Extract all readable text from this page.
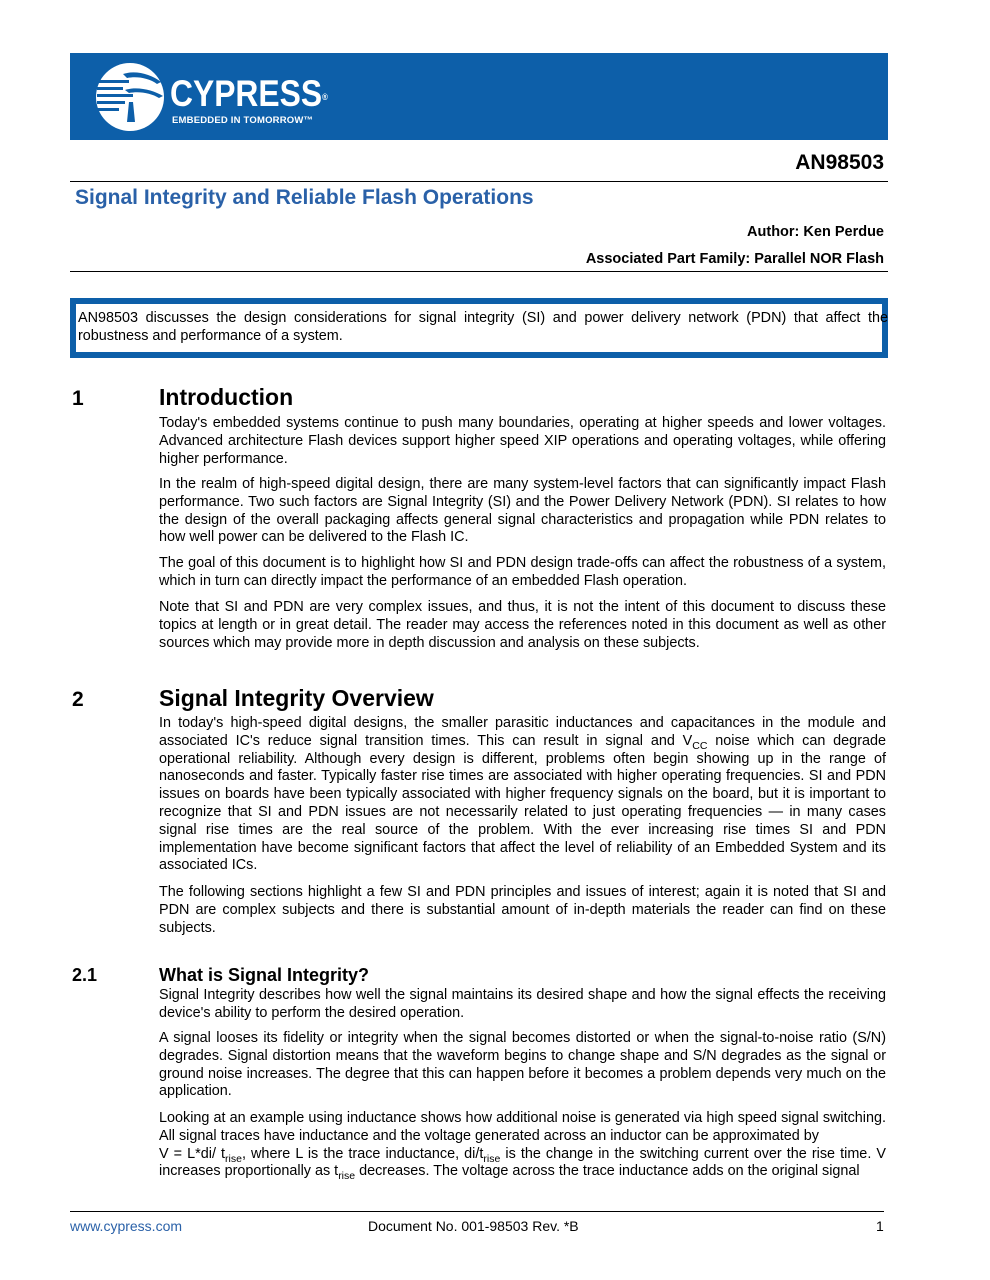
CYPRESS®
EMBEDDED IN TOMORROW™
AN98503
Signal Integrity and Reliable Flash Operations
Author: Ken Perdue
Associated Part Family: Parallel NOR Flash

AN98503 discusses the design considerations for signal integrity (SI) and power delivery network (PDN) that affect the robustness and performance of a system.

1	Introduction

Today's embedded systems continue to push many boundaries, operating at higher speeds and lower voltages. Advanced architecture Flash devices support higher speed XIP operations and operating voltages, while offering higher performance.

In the realm of high-speed digital design, there are many system-level factors that can significantly impact Flash performance. Two such factors are Signal Integrity (SI) and the Power Delivery Network (PDN). SI relates to how the design of the overall packaging affects general signal characteristics and propagation while PDN relates to how well power can be delivered to the Flash IC.

The goal of this document is to highlight how SI and PDN design trade-offs can affect the robustness of a system, which in turn can directly impact the performance of an embedded Flash operation.

Note that SI and PDN are very complex issues, and thus, it is not the intent of this document to discuss these topics at length or in great detail. The reader may access the references noted in this document as well as other sources which may provide more in depth discussion and analysis on these subjects.

2	Signal Integrity Overview

In today's high-speed digital designs, the smaller parasitic inductances and capacitances in the module and associated IC's reduce signal transition times. This can result in signal and $V_{CC}$ noise which can degrade operational reliability. Although every design is different, problems often begin showing up in the range of nanoseconds and faster. Typically faster rise times are associated with higher operating frequencies. SI and PDN issues on boards have been typically associated with higher frequency signals on the board, but it is important to recognize that SI and PDN issues are not necessarily related to just operating frequencies — in many cases signal rise times are the real source of the problem. With the ever increasing rise times SI and PDN implementation have become significant factors that affect the level of reliability of an Embedded System and its associated ICs.

The following sections highlight a few SI and PDN principles and issues of interest; again it is noted that SI and PDN are complex subjects and there is substantial amount of in-depth materials the reader can find on these subjects.

2.1	What is Signal Integrity?

Signal Integrity describes how well the signal maintains its desired shape and how the signal effects the receiving device's ability to perform the desired operation.

A signal looses its fidelity or integrity when the signal becomes distorted or when the signal-to-noise ratio (S/N) degrades. Signal distortion means that the waveform begins to change shape and S/N degrades as the signal or ground noise increases. The degree that this can happen before it becomes a problem depends very much on the application.

Looking at an example using inductance shows how additional noise is generated via high speed signal switching. All signal traces have inductance and the voltage generated across an inductor can be approximated by
V = L*di/ $t_{rise}$, where L is the trace inductance, $di/t_{rise}$ is the change in the switching current over the rise time. V increases proportionally as $t_{rise}$ decreases. The voltage across the trace inductance adds on the original signal

www.cypress.com	Document No. 001-98503 Rev. *B	1
